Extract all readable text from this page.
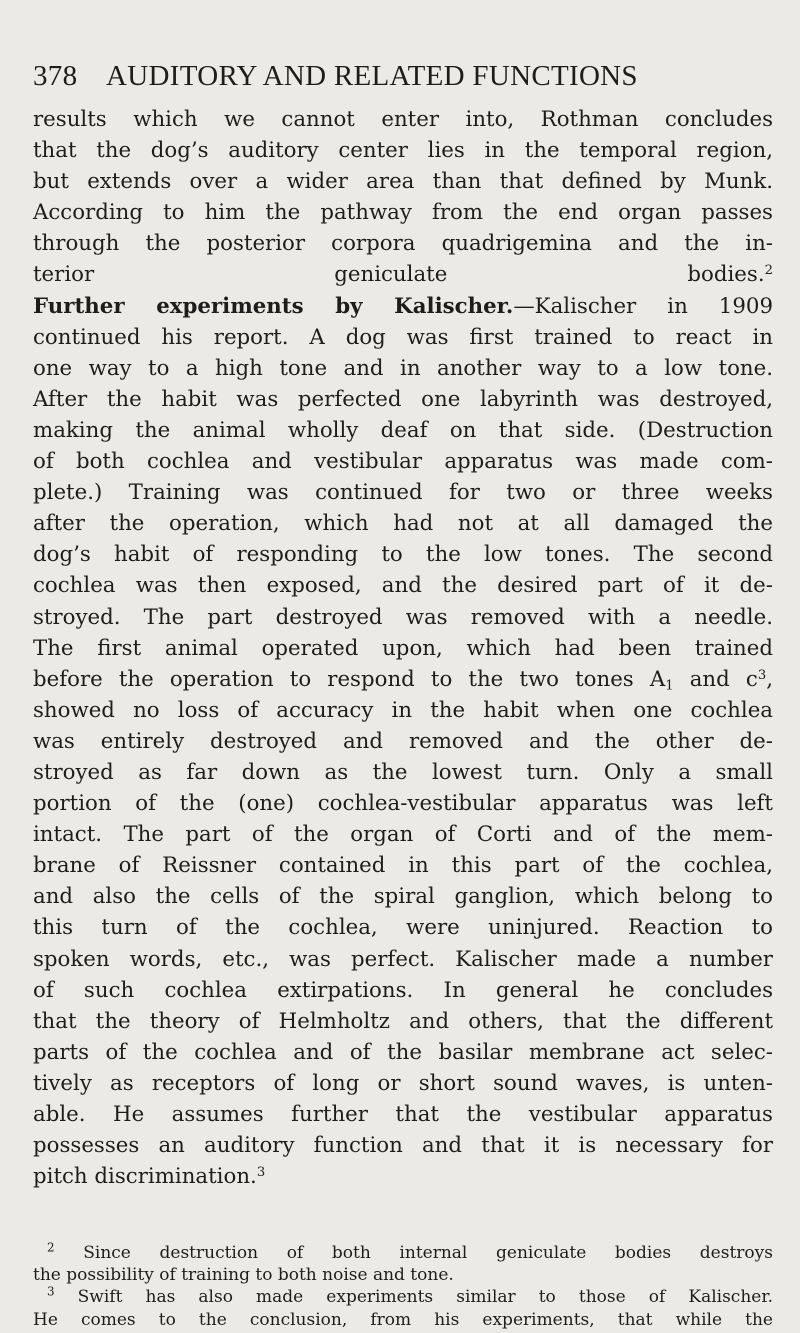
378 AUDITORY AND RELATED FUNCTIONS
results which we cannot enter into, Rothman concludes
that the dog’s auditory center lies in the temporal region,
but extends over a wider area than that defined by Munk.
According to him the pathway from the end organ passes
through the posterior corpora quadrigemina and the in-
terior geniculate bodies.$^2$
Further experiments by Kalischer.—Kalischer in 1909
continued his report. A dog was first trained to react in
one way to a high tone and in another way to a low tone.
After the habit was perfected one labyrinth was destroyed,
making the animal wholly deaf on that side. (Destruction
of both cochlea and vestibular apparatus was made com-
plete.) Training was continued for two or three weeks
after the operation, which had not at all damaged the
dog’s habit of responding to the low tones. The second
cochlea was then exposed, and the desired part of it de-
stroyed. The part destroyed was removed with a needle.
The first animal operated upon, which had been trained
before the operation to respond to the two tones $A_1$ and $c^3$,
showed no loss of accuracy in the habit when one cochlea
was entirely destroyed and removed and the other de-
stroyed as far down as the lowest turn. Only a small
portion of the (one) cochlea-vestibular apparatus was left
intact. The part of the organ of Corti and of the mem-
brane of Reissner contained in this part of the cochlea,
and also the cells of the spiral ganglion, which belong to
this turn of the cochlea, were uninjured. Reaction to
spoken words, etc., was perfect. Kalischer made a number
of such cochlea extirpations. In general he concludes
that the theory of Helmholtz and others, that the different
parts of the cochlea and of the basilar membrane act selec-
tively as receptors of long or short sound waves, is unten-
able. He assumes further that the vestibular apparatus
possesses an auditory function and that it is necessary for
pitch discrimination.$^3$
$^2$ Since destruction of both internal geniculate bodies destroys
the possibility of training to both noise and tone.
$^3$ Swift has also made experiments similar to those of Kalischer.
He comes to the conclusion, from his experiments, that while the
